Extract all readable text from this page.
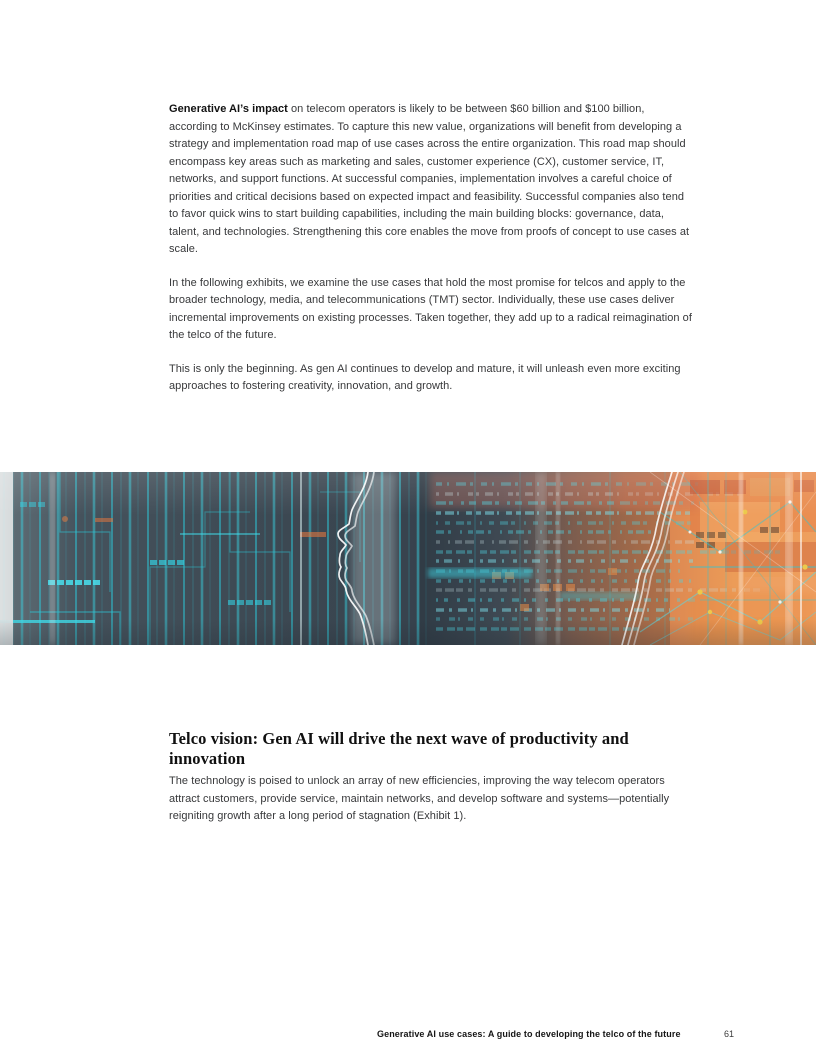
Generative AI’s impact on telecom operators is likely to be between $60 billion and $100 billion, according to McKinsey estimates. To capture this new value, organizations will benefit from developing a strategy and implementation road map of use cases across the entire organization. This road map should encompass key areas such as marketing and sales, customer experience (CX), customer service, IT, networks, and support functions. At successful companies, implementation involves a careful choice of priorities and critical decisions based on expected impact and feasibility. Successful companies also tend to favor quick wins to start building capabilities, including the main building blocks: governance, data, talent, and technologies. Strengthening this core enables the move from proofs of concept to use cases at scale.

In the following exhibits, we examine the use cases that hold the most promise for telcos and apply to the broader technology, media, and telecommunications (TMT) sector. Individually, these use cases deliver incremental improvements on existing processes. Taken together, they add up to a radical reimagination of the telco of the future.

This is only the beginning. As gen AI continues to develop and mature, it will unleash even more exciting approaches to fostering creativity, innovation, and growth.

Telco vision: Gen AI will drive the next wave of productivity and innovation

The technology is poised to unlock an array of new efficiencies, improving the way telecom operators attract customers, provide service, maintain networks, and develop software and systems—potentially reigniting growth after a long period of stagnation (Exhibit 1).

Generative AI use cases: A guide to developing the telco of the future	61
